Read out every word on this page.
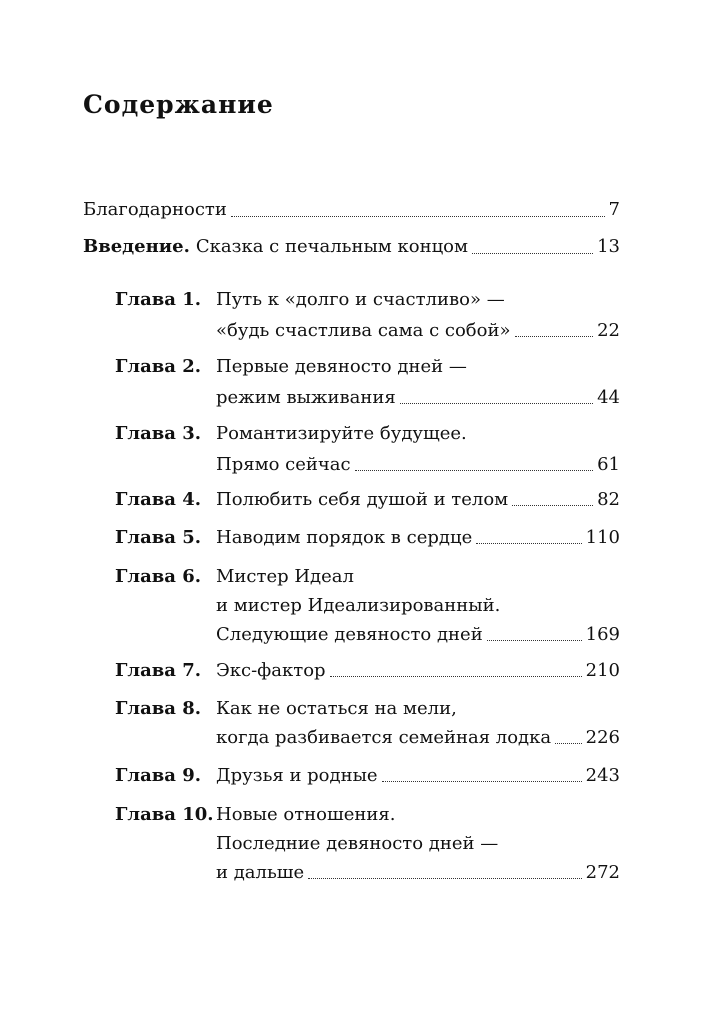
Содержание
Благодарности	7
Введение. Сказка с печальным концом	13
Глава 1. Путь к «долго и счастливо» —
«будь счастлива сама с собой»	22
Глава 2. Первые девяносто дней —
режим выживания	44
Глава 3. Романтизируйте будущее.
Прямо сейчас	61
Глава 4. Полюбить себя душой и телом	82
Глава 5. Наводим порядок в сердце	110
Глава 6. Мистер Идеал
и мистер Идеализированный.
Следующие девяносто дней	169
Глава 7. Экс-фактор	210
Глава 8. Как не остаться на мели,
когда разбивается семейная лодка 226
Глава 9. Друзья и родные	243
Глава 10. Новые отношения.
Последние девяносто дней —
и дальше	272
